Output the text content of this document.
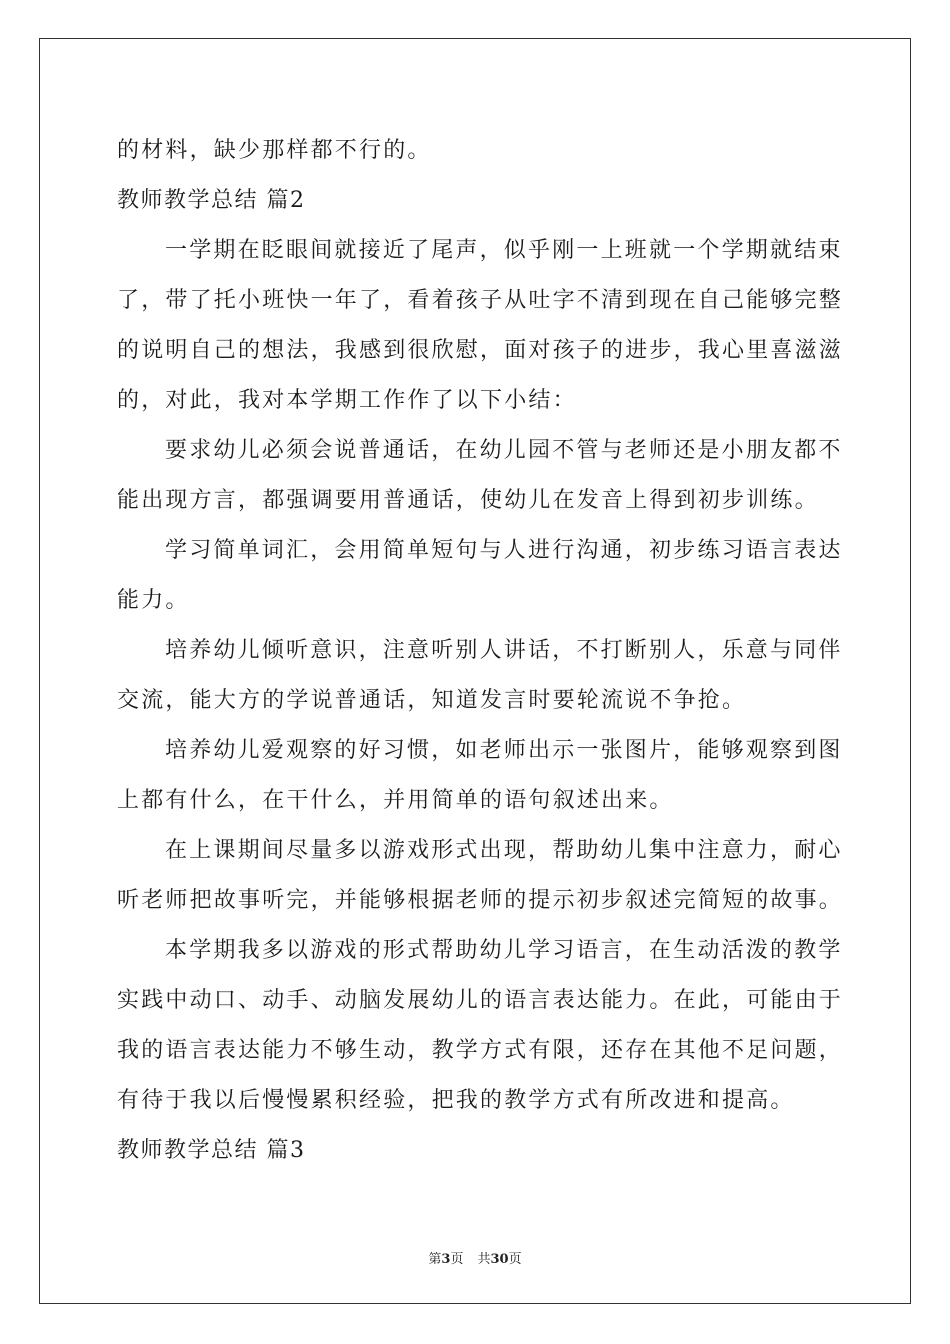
的材料，缺少那样都不行的。

教师教学总结 篇2

一学期在眨眼间就接近了尾声，似乎刚一上班就一个学期就结束

了，带了托小班快一年了，看着孩子从吐字不清到现在自己能够完整

的说明自己的想法，我感到很欣慰，面对孩子的进步，我心里喜滋滋

的，对此，我对本学期工作作了以下小结：

要求幼儿必须会说普通话，在幼儿园不管与老师还是小朋友都不

能出现方言，都强调要用普通话，使幼儿在发音上得到初步训练。

学习简单词汇，会用简单短句与人进行沟通，初步练习语言表达

能力。

培养幼儿倾听意识，注意听别人讲话，不打断别人，乐意与同伴

交流，能大方的学说普通话，知道发言时要轮流说不争抢。

培养幼儿爱观察的好习惯，如老师出示一张图片，能够观察到图

上都有什么，在干什么，并用简单的语句叙述出来。

在上课期间尽量多以游戏形式出现，帮助幼儿集中注意力，耐心

听老师把故事听完，并能够根据老师的提示初步叙述完简短的故事。

本学期我多以游戏的形式帮助幼儿学习语言，在生动活泼的教学

实践中动口、动手、动脑发展幼儿的语言表达能力。在此，可能由于

我的语言表达能力不够生动，教学方式有限，还存在其他不足问题，

有待于我以后慢慢累积经验，把我的教学方式有所改进和提高。

教师教学总结 篇3

第3页 共30页
